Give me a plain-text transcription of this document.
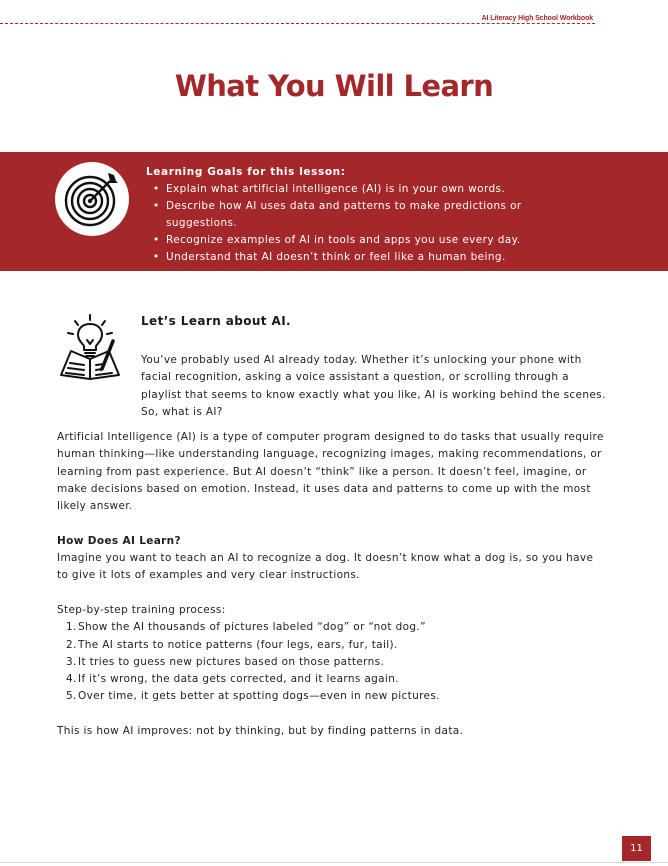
AI Literacy High School Workbook
What You Will Learn
Learning Goals for this lesson:
• Explain what artificial intelligence (AI) is in your own words.
• Describe how AI uses data and patterns to make predictions or suggestions.
• Recognize examples of AI in tools and apps you use every day.
• Understand that AI doesn’t think or feel like a human being.
Let’s Learn about AI.

You’ve probably used AI already today. Whether it’s unlocking your phone with facial recognition, asking a voice assistant a question, or scrolling through a playlist that seems to know exactly what you like, AI is working behind the scenes. So, what is AI?

Artificial Intelligence (AI) is a type of computer program designed to do tasks that usually require human thinking—like understanding language, recognizing images, making recommendations, or learning from past experience. But AI doesn’t “think” like a person. It doesn’t feel, imagine, or make decisions based on emotion. Instead, it uses data and patterns to come up with the most likely answer.

How Does AI Learn?

Imagine you want to teach an AI to recognize a dog. It doesn’t know what a dog is, so you have to give it lots of examples and very clear instructions.

Step-by-step training process:

1. Show the AI thousands of pictures labeled “dog” or “not dog.”
2. The AI starts to notice patterns (four legs, ears, fur, tail).
3. It tries to guess new pictures based on those patterns.
4. If it’s wrong, the data gets corrected, and it learns again.
5. Over time, it gets better at spotting dogs—even in new pictures.

This is how AI improves: not by thinking, but by finding patterns in data.

11
